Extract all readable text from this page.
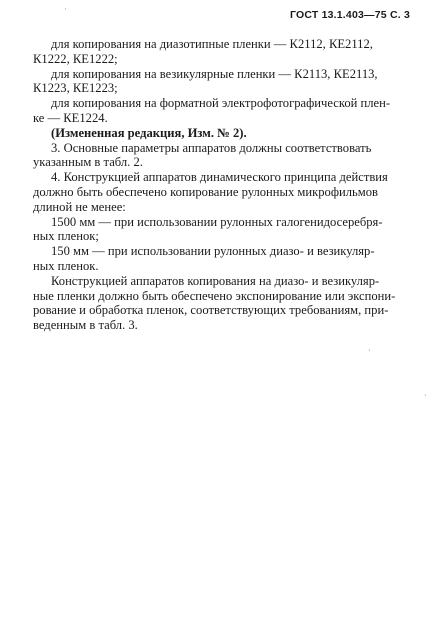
ГОСТ 13.1.403—75 С. 3
·
·
·

для копирования на диазотипные пленки — К2112, КЕ2112,

К1222, КЕ1222;

для копирования на везикулярные пленки — К2113, КЕ2113,

К1223, КЕ1223;

для копирования на форматной электрофотографической плен-

ке — КЕ1224.

(Измененная редакция, Изм. № 2).

3. Основные параметры аппаратов должны соответствовать

указанным в табл. 2.

4. Конструкцией аппаратов динамического принципа действия

должно быть обеспечено копирование рулонных микрофильмов

длиной не менее:

1500 мм — при использовании рулонных галогенидосеребря-

ных пленок;

150 мм — при использовании рулонных диазо- и везикуляр-

ных пленок.

Конструкцией аппаратов копирования на диазо- и везикуляр-

ные пленки должно быть обеспечено экспонирование или экспони-

рование и обработка пленок, соответствующих требованиям, при-

веденным в табл. 3.
